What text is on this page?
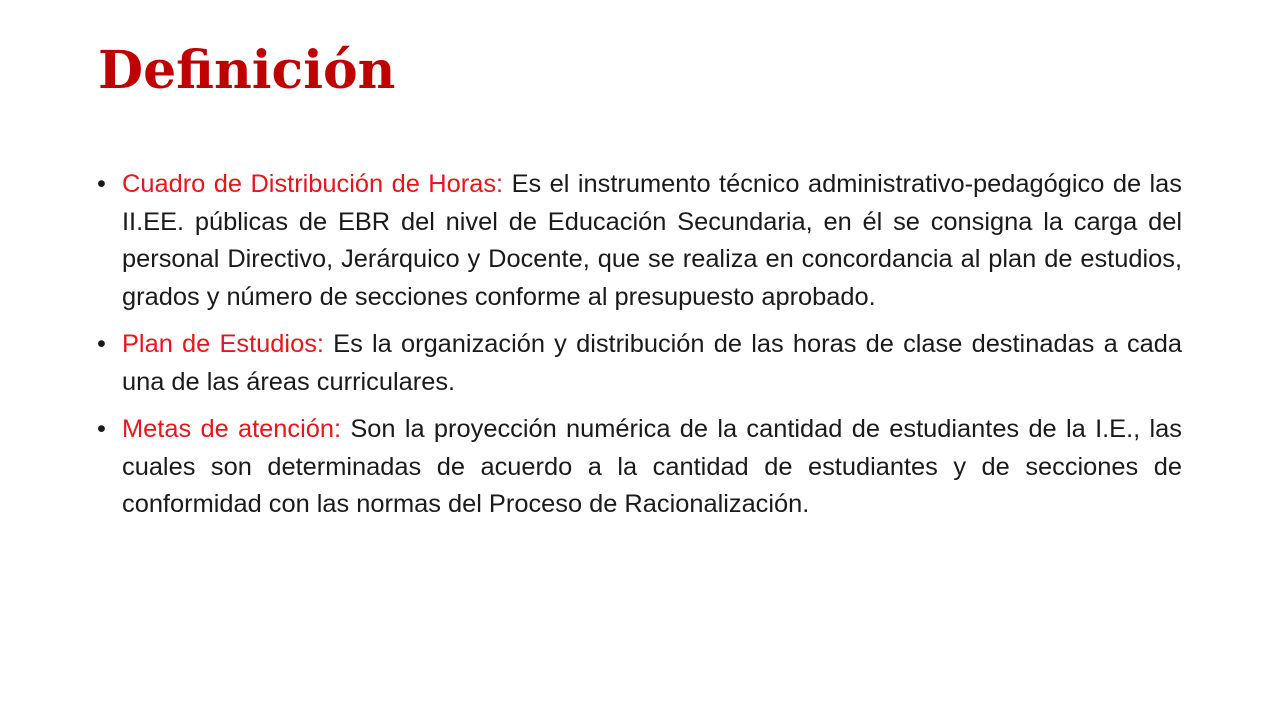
Definición
• Cuadro de Distribución de Horas: Es el instrumento técnico administrativo-pedagógico de las II.EE. públicas de EBR del nivel de Educación Secundaria, en él se consigna la carga del personal Directivo, Jerárquico y Docente, que se realiza en concordancia al plan de estudios, grados y número de secciones conforme al presupuesto aprobado.
• Plan de Estudios: Es la organización y distribución de las horas de clase destinadas a cada una de las áreas curriculares.
• Metas de atención: Son la proyección numérica de la cantidad de estudiantes de la I.E., las cuales son determinadas de acuerdo a la cantidad de estudiantes y de secciones de conformidad con las normas del Proceso de Racionalización.
